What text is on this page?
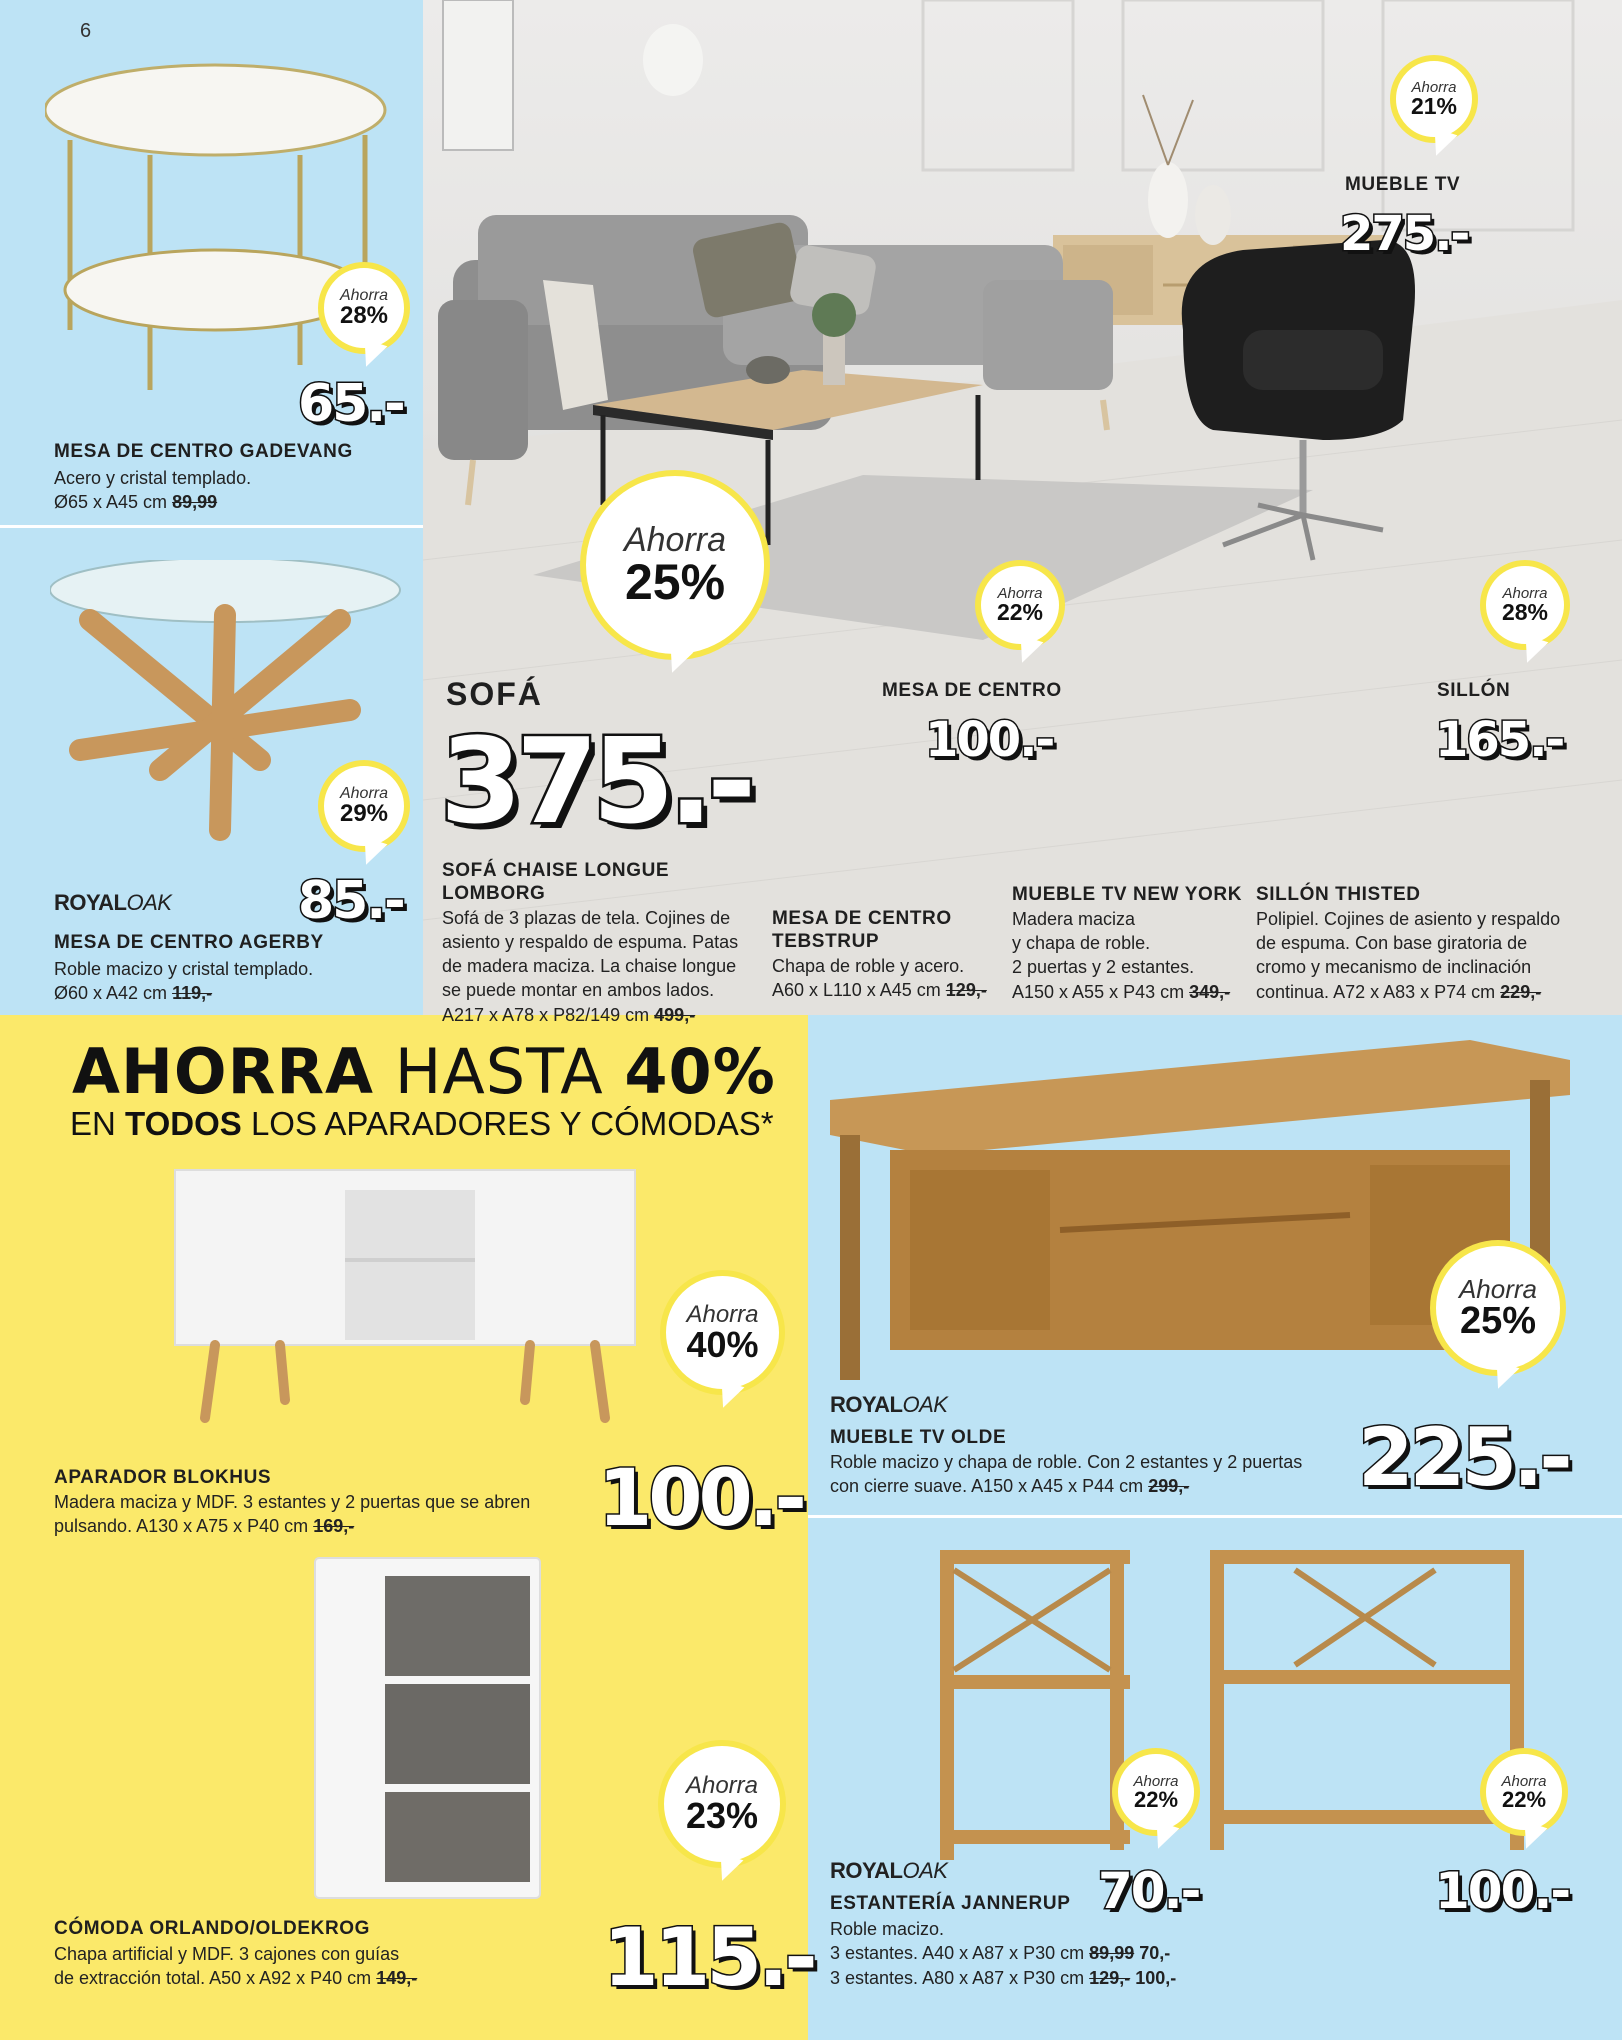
6
Ahorra
28%
65.-
MESA DE CENTRO GADEVANG
Acero y cristal templado.
Ø65 x A45 cm 89,99
Ahorra
29%
ROYALOAK 85.-
MESA DE CENTRO AGERBY
Roble macizo y cristal templado.
Ø60 x A42 cm 119,-
Ahorra
21%
MUEBLE TV
275.-
Ahorra
25%
SOFÁ
375.-
Ahorra
22%
MESA DE CENTRO
100.-
Ahorra
28%
SILLÓN
165.-
SOFÁ CHAISE LONGUE LOMBORG
Sofá de 3 plazas de tela. Cojines de
asiento y respaldo de espuma. Patas
de madera maciza. La chaise longue
se puede montar en ambos lados.
A217 x A78 x P82/149 cm 499,-
MESA DE CENTRO
TEBSTRUP
Chapa de roble y acero.
A60 x L110 x A45 cm 129,-
MUEBLE TV NEW YORK
Madera maciza
y chapa de roble.
2 puertas y 2 estantes.
A150 x A55 x P43 cm 349,-
SILLÓN THISTED
Polipiel. Cojines de asiento y respaldo
de espuma. Con base giratoria de
cromo y mecanismo de inclinación
continua. A72 x A83 x P74 cm 229,-
AHORRA HASTA 40%
EN TODOS LOS APARADORES Y CÓMODAS*
Ahorra
40%
APARADOR BLOKHUS
Madera maciza y MDF. 3 estantes y 2 puertas que se abren
pulsando. A130 x A75 x P40 cm 169,-	100.-
Ahorra
23%
CÓMODA ORLANDO/OLDEKROG
Chapa artificial y MDF. 3 cajones con guías
de extracción total. A50 x A92 x P40 cm 149,- 115.-
Ahorra
25%
ROYALOAK
MUEBLE TV OLDE
Roble macizo y chapa de roble. Con 2 estantes y 2 puertas
con cierre suave. A150 x A45 x P44 cm 299,-	225.-
Ahorra
22%
Ahorra
22%
ROYALOAK	70.-	100.-
ESTANTERÍA JANNERUP
Roble macizo.
3 estantes. A40 x A87 x P30 cm 89,99 70,-
3 estantes. A80 x A87 x P30 cm 129,- 100,-
